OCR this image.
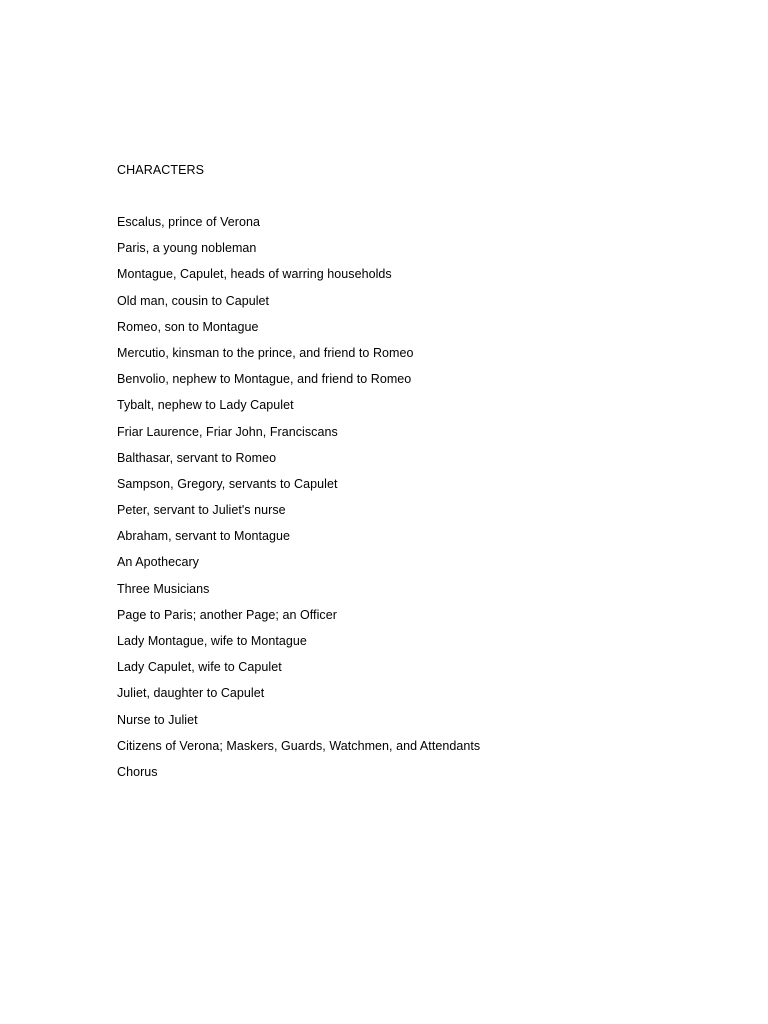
CHARACTERS
Escalus, prince of Verona
Paris, a young nobleman
Montague, Capulet, heads of warring households
Old man, cousin to Capulet
Romeo, son to Montague
Mercutio, kinsman to the prince, and friend to Romeo
Benvolio, nephew to Montague, and friend to Romeo
Tybalt, nephew to Lady Capulet
Friar Laurence, Friar John, Franciscans
Balthasar, servant to Romeo
Sampson, Gregory, servants to Capulet
Peter, servant to Juliet's nurse
Abraham, servant to Montague
An Apothecary
Three Musicians
Page to Paris; another Page; an Officer
Lady Montague, wife to Montague
Lady Capulet, wife to Capulet
Juliet, daughter to Capulet
Nurse to Juliet
Citizens of Verona; Maskers, Guards, Watchmen, and Attendants
Chorus
